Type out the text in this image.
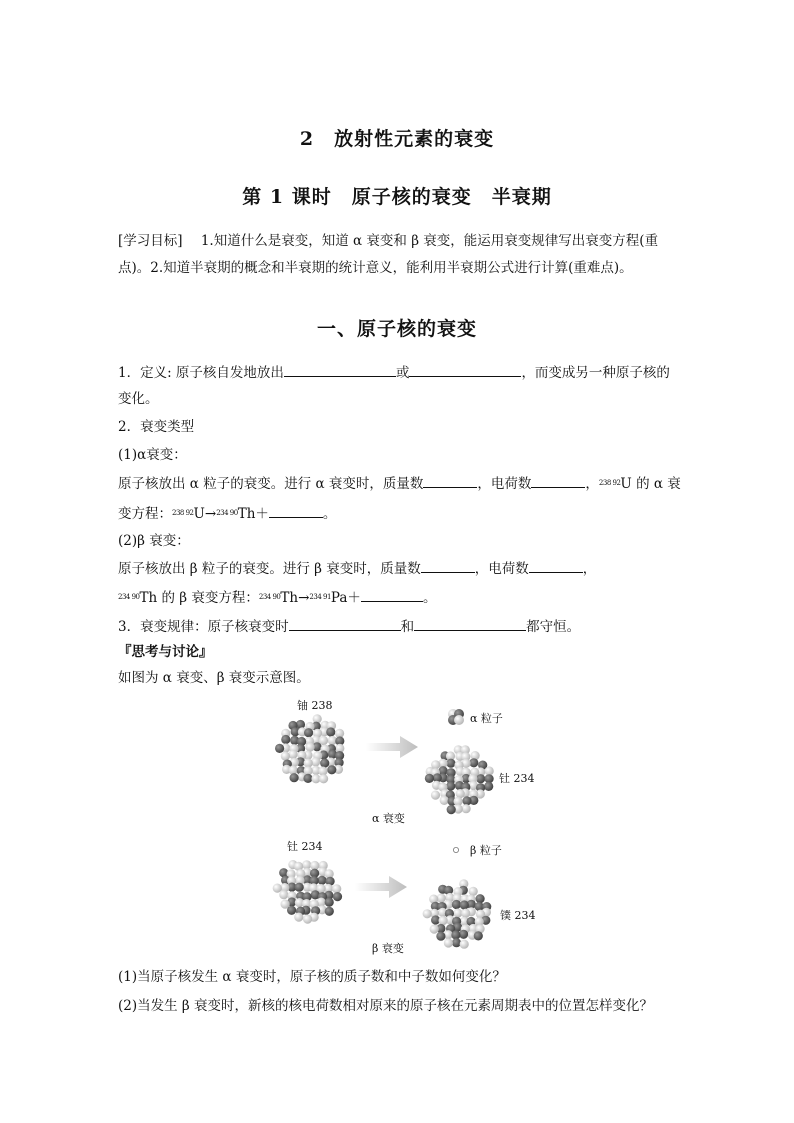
2　放射性元素的衰变
第 1 课时　原子核的衰变　半衰期
[学习目标] 1.知道什么是衰变，知道 α 衰变和 β 衰变，能运用衰变规律写出衰变方程(重
点)。2.知道半衰期的概念和半衰期的统计意义，能利用半衰期公式进行计算(重难点)。
一、原子核的衰变
1．定义: 原子核自发地放出	或	，而变成另一种原子核的
变化。
2．衰变类型
(1)α衰变：
原子核放出 α 粒子的衰变。进行 α 衰变时，质量数	，电荷数	，$^{238 92}$U 的 α 衰
变方程：$^{238 92}$U→$^{234 90}$Th＋	。
(2)β 衰变：
原子核放出 β 粒子的衰变。进行 β 衰变时，质量数	，电荷数	，
$^{234 90}$Th 的 β 衰变方程：$^{234 90}$Th→$^{234 91}$Pa＋	。
3．衰变规律：原子核衰变时	和	都守恒。
『思考与讨论』
如图为 α 衰变、β 衰变示意图。
铀 238
α 粒子
钍 234
α 衰变
钍 234	β 粒子
镤 234
β 衰变
(1)当原子核发生 α 衰变时，原子核的质子数和中子数如何变化？
(2)当发生 β 衰变时，新核的核电荷数相对原来的原子核在元素周期表中的位置怎样变化？
